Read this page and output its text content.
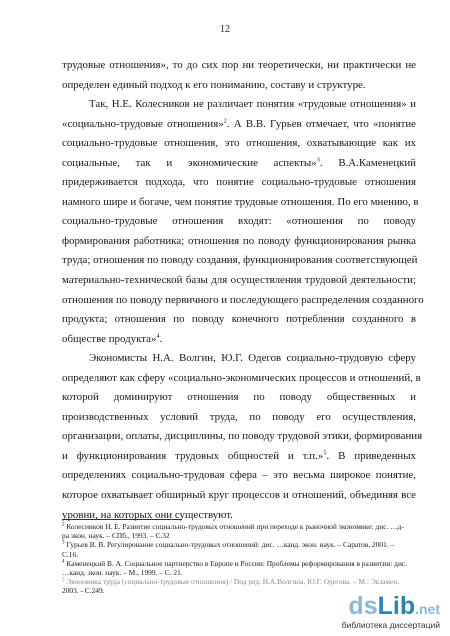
12
трудовые отношения», то до сих пор ни теоретически, ни практически не
определен единый подход к его пониманию, составу и структуре.
Так, Н.Е. Колесников не различает понятия «трудовые отношения» и
«социально-трудовые отношения»$^2$. А В.В. Гурьев отмечает, что «понятие
социально-трудовые отношения, это отношения, охватывающие как их
социальные, так и экономические аспекты»$^3$. В.А.Каменецкий
придерживается подхода, что понятие социально-трудовые отношения
намного шире и богаче, чем понятие трудовые отношения. По его мнению, в
социально-трудовые отношения входят: «отношения по поводу
формирования работника; отношения по поводу функционирования рынка
труда; отношения по поводу создания, функционирования соответствующей
материально-технической базы для осуществления трудовой деятельности;
отношения по поводу первичного и последующего распределения созданного
продукта; отношения по поводу конечного потребления созданного в
обществе продукта»$^4$.
Экономисты Н.А. Волгин, Ю.Г. Одегов социально-трудовую сферу
определяют как сферу «социально-экономических процессов и отношений, в
которой доминируют отношения по поводу общественных и
производственных условий труда, по поводу его осуществления,
организации, оплаты, дисциплины, по поводу трудовой этики, формирования
и функционирования трудовых общностей и т.п.»$^5$. В приведенных
определениях социально-трудовая сфера – это весьма широкое понятие,
которое охватывает обширный круг процессов и отношений, объединяя все
уровни, на которых они существуют.
$^2$ Колесников Н. Е. Развитие социально-трудовых отношений при переходе к рыночной экономике: дис. …д-
ра экон. наук. – СПб., 1993. – С.32
$^3$ Гурьев В. В. Регулирование социально-трудовых отношений: дис. …канд. экон. наук. – Саратов, 2001. –
С.16.
$^4$ Каменецкий В. А. Социальное партнерство в Европе и России: Проблемы реформирования в развитии: дис.
…канд. экон. наук. – М., 1999. – С. 21.
$^5$ Экономика труда (социально-трудовые отношения) / Под ред. Н.А.Волгина, Ю.Г. Одегова. – М.: Экзамен,
2003. - С.249.
ds Lib .net
библиотека диссертаций
